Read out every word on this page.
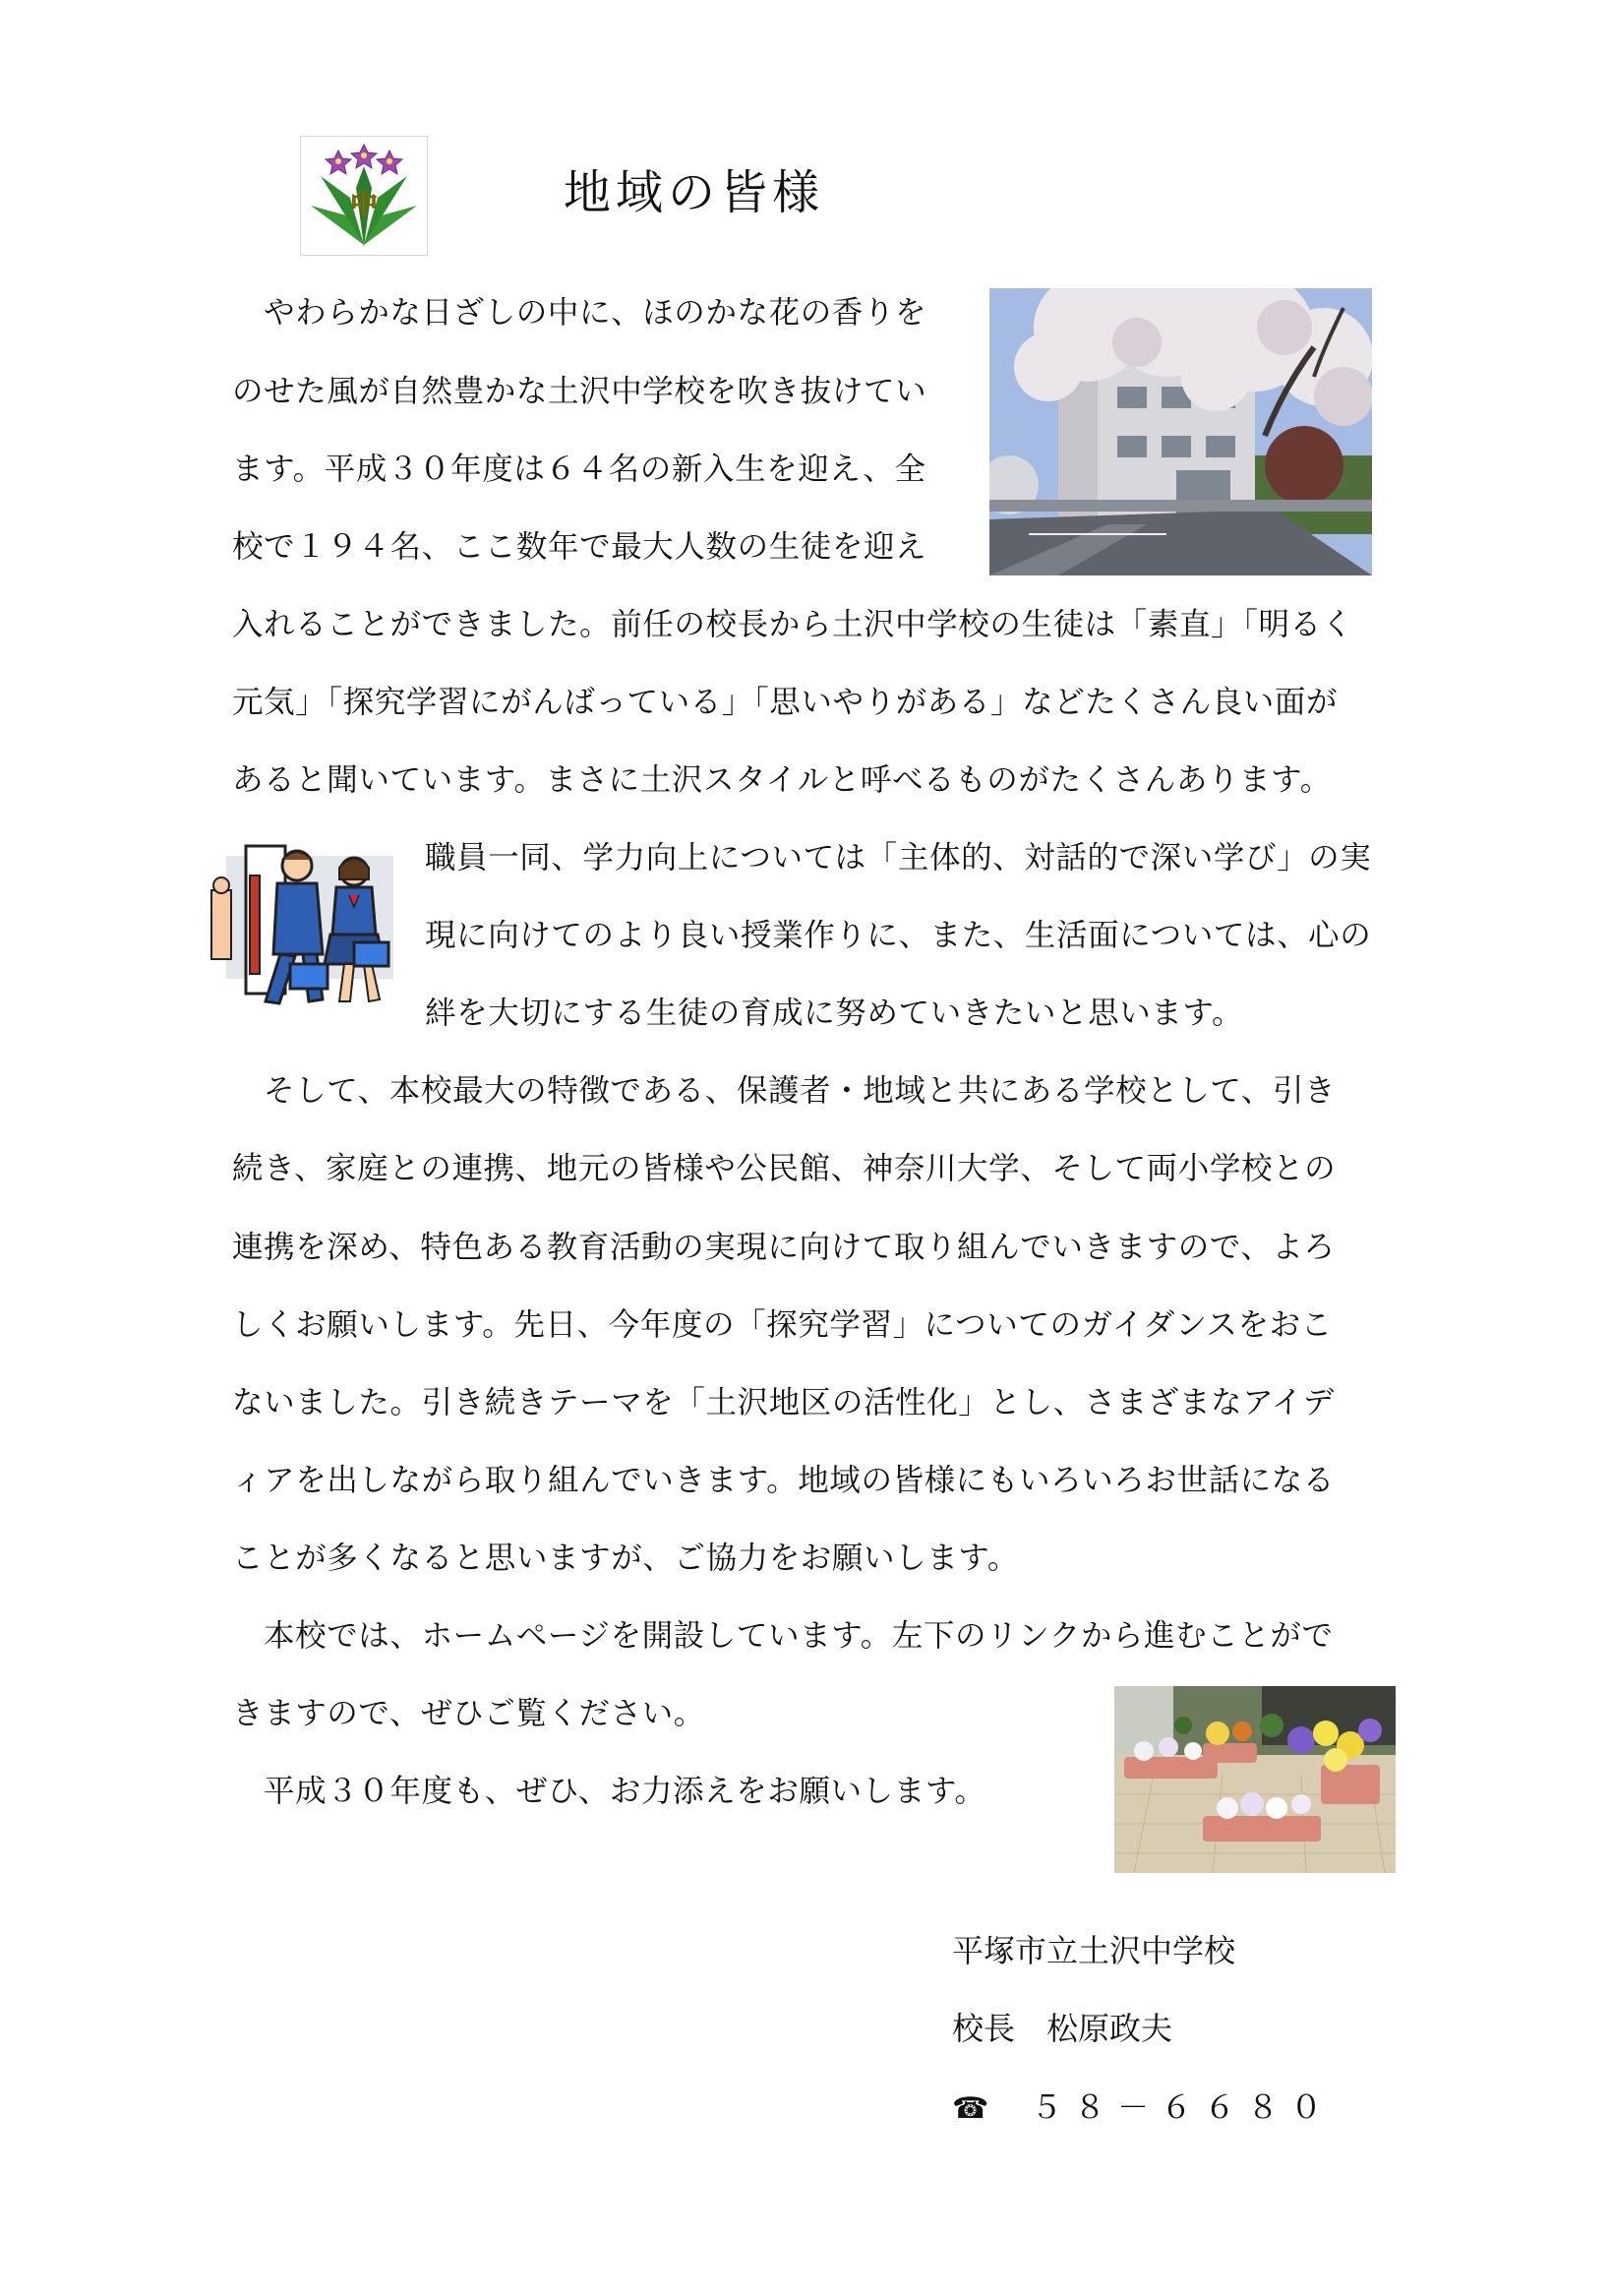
中	地域の皆様
やわらかな日ざしの中に、ほのかな花の香りを
のせた風が自然豊かな土沢中学校を吹き抜けてい
ます。平成３０年度は６４名の新入生を迎え、全
校で１９４名、ここ数年で最大人数の生徒を迎え
入れることができました。前任の校長から土沢中学校の生徒は「素直」「明るく
元気」「探究学習にがんばっている」「思いやりがある」などたくさん良い面が
あると聞いています。まさに土沢スタイルと呼べるものがたくさんあります。
職員一同、学力向上については「主体的、対話的で深い学び」の実
現に向けてのより良い授業作りに、また、生活面については、心の
絆を大切にする生徒の育成に努めていきたいと思います。
そして、本校最大の特徴である、保護者・地域と共にある学校として、引き
続き、家庭との連携、地元の皆様や公民館、神奈川大学、そして両小学校との
連携を深め、特色ある教育活動の実現に向けて取り組んでいきますので、よろ
しくお願いします。先日、今年度の「探究学習」についてのガイダンスをおこ
ないました。引き続きテーマを「土沢地区の活性化」とし、さまざまなアイデ
ィアを出しながら取り組んでいきます。地域の皆様にもいろいろお世話になる
ことが多くなると思いますが、ご協力をお願いします。
本校では、ホームページを開設しています。左下のリンクから進むことがで
きますので、ぜひご覧ください。
平成３０年度も、ぜひ、お力添えをお願いします。
平塚市立土沢中学校
校長　松原政夫
☎ ５８－６６８０
